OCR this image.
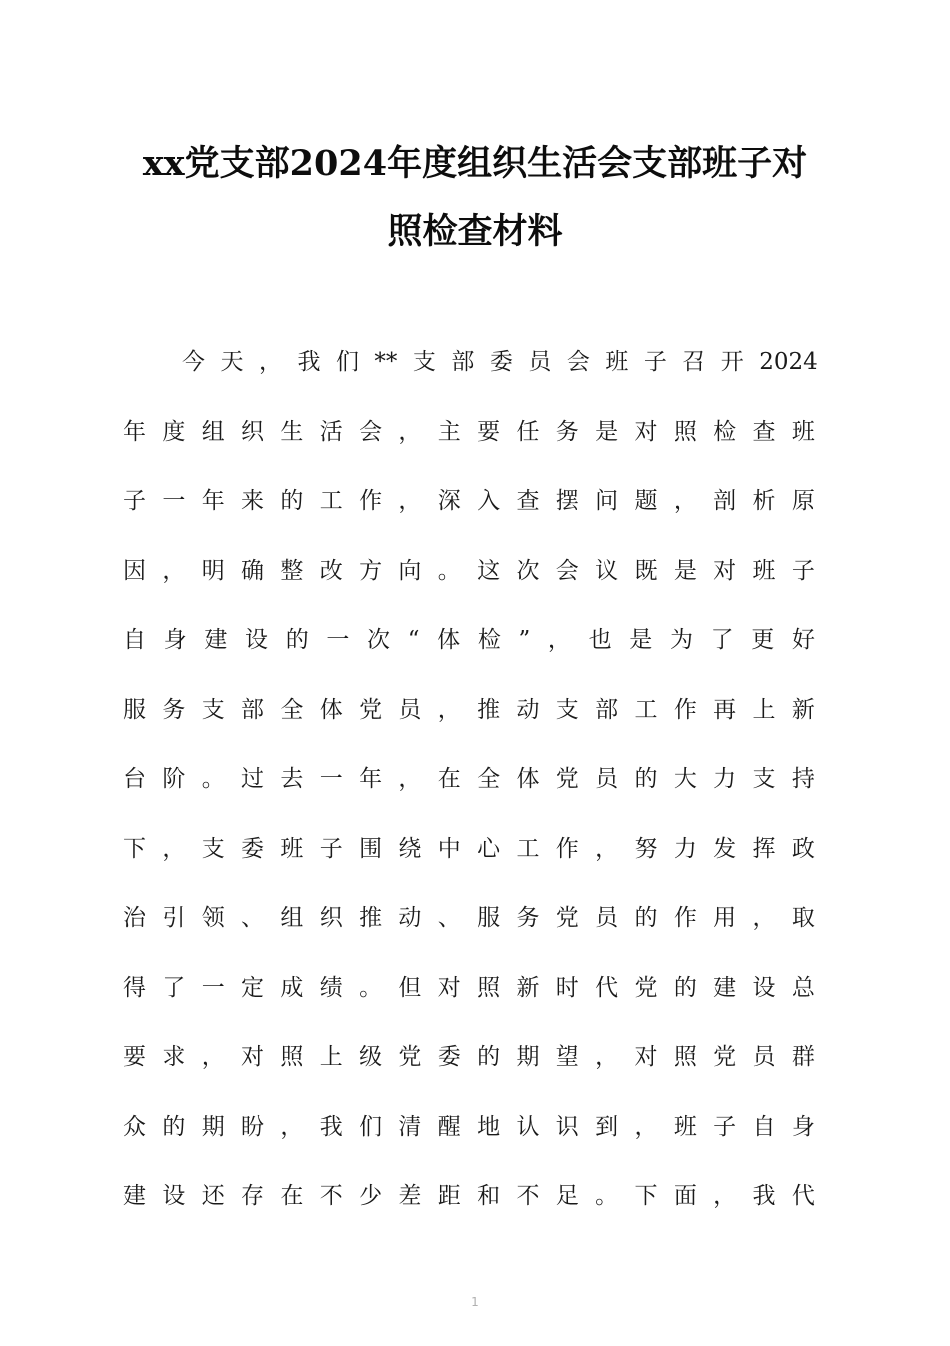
xx党支部2024年度组织生活会支部班子对
照检查材料
今 天 ， 我 们 ** 支 部 委 员 会 班 子 召 开 2024
年 度 组 织 生 活 会 ， 主 要 任 务 是 对 照 检 查 班
子 一 年 来 的 工 作 ， 深 入 查 摆 问 题 ， 剖 析 原
因 ， 明 确 整 改 方 向 。 这 次 会 议 既 是 对 班 子
自 身 建 设 的 一 次 “ 体 检 ” ， 也 是 为 了 更 好
服 务 支 部 全 体 党 员 ， 推 动 支 部 工 作 再 上 新
台 阶 。 过 去 一 年 ， 在 全 体 党 员 的 大 力 支 持
下 ， 支 委 班 子 围 绕 中 心 工 作 ， 努 力 发 挥 政
治 引 领 、 组 织 推 动 、 服 务 党 员 的 作 用 ， 取
得 了 一 定 成 绩 。 但 对 照 新 时 代 党 的 建 设 总
要 求 ， 对 照 上 级 党 委 的 期 望 ， 对 照 党 员 群
众 的 期 盼 ， 我 们 清 醒 地 认 识 到 ， 班 子 自 身
建 设 还 存 在 不 少 差 距 和 不 足 。 下 面 ， 我 代
1
